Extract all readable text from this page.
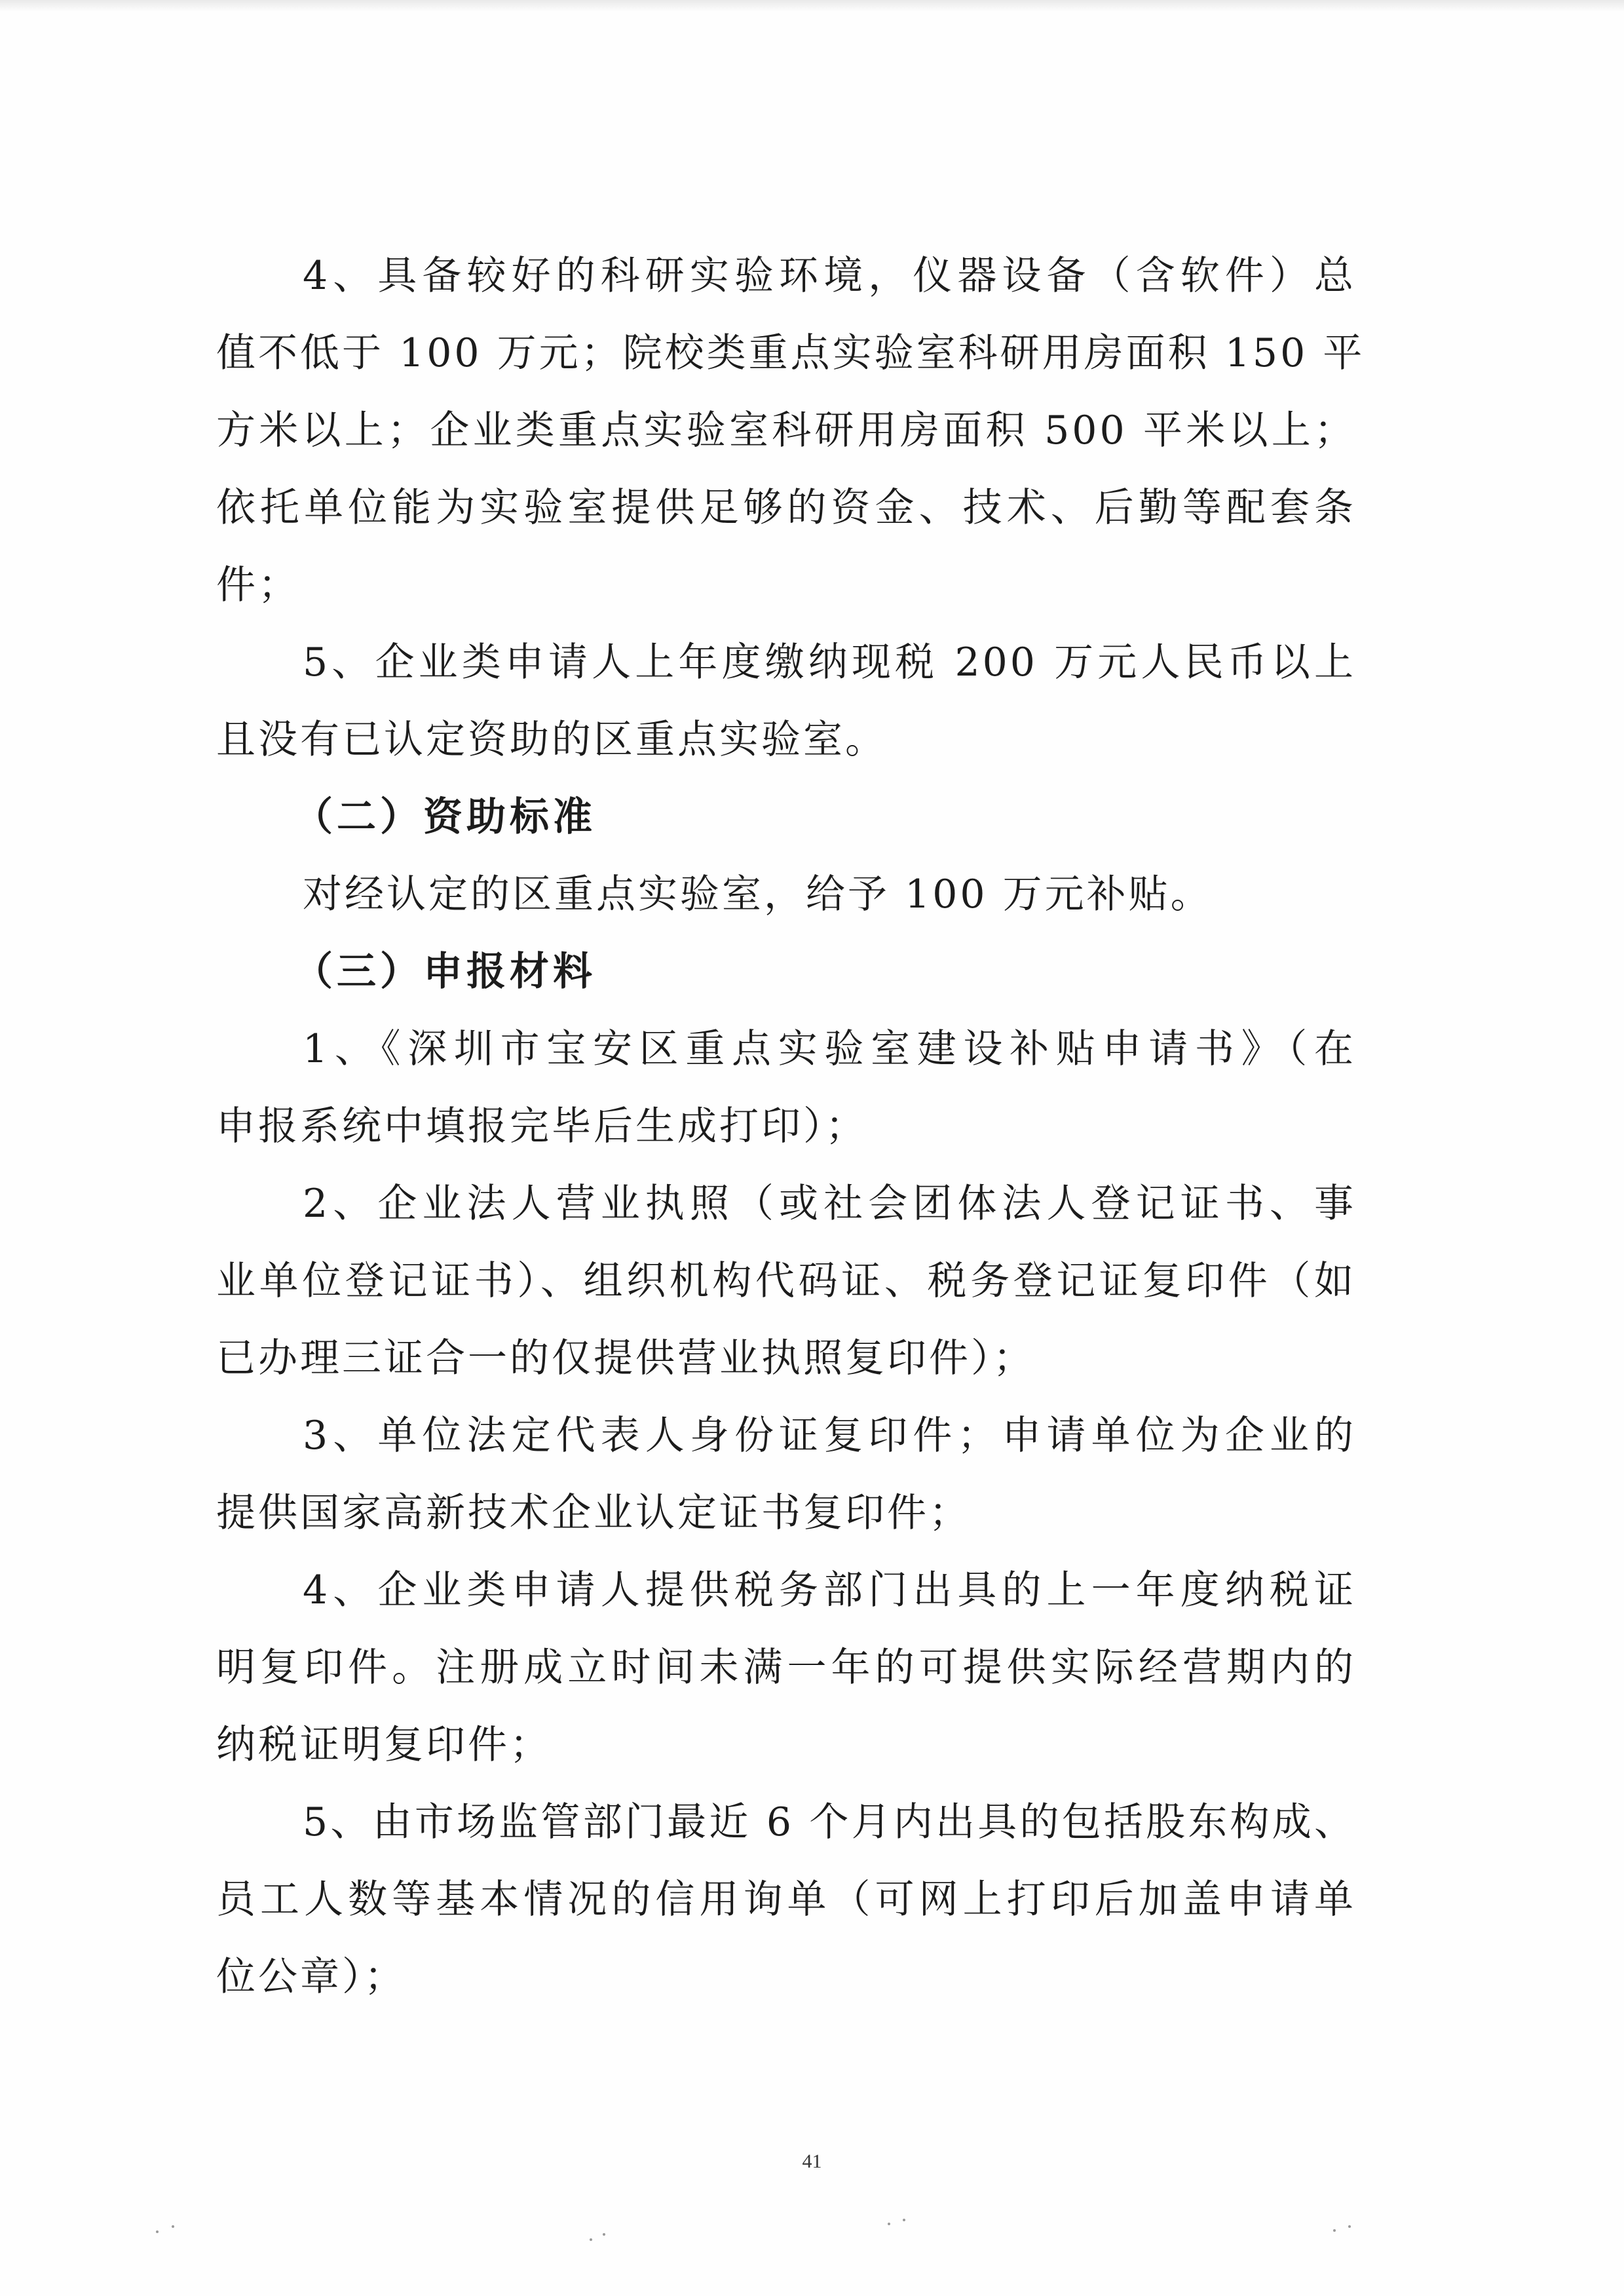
4、具备较好的科研实验环境，仪器设备（含软件）总
值不低于 100 万元；院校类重点实验室科研用房面积 150 平
方米以上；企业类重点实验室科研用房面积 500 平米以上；
依托单位能为实验室提供足够的资金、技术、后勤等配套条
件；
5、企业类申请人上年度缴纳现税 200 万元人民币以上
且没有已认定资助的区重点实验室。
（二）资助标准
对经认定的区重点实验室，给予 100 万元补贴。
（三）申报材料
1、《深圳市宝安区重点实验室建设补贴申请书》（在
申报系统中填报完毕后生成打印）；
2、企业法人营业执照（或社会团体法人登记证书、事
业单位登记证书）、组织机构代码证、税务登记证复印件（如
已办理三证合一的仅提供营业执照复印件）；
3、单位法定代表人身份证复印件；申请单位为企业的
提供国家高新技术企业认定证书复印件；
4、企业类申请人提供税务部门出具的上一年度纳税证
明复印件。注册成立时间未满一年的可提供实际经营期内的
纳税证明复印件；
5、由市场监管部门最近 6 个月内出具的包括股东构成、
员工人数等基本情况的信用询单（可网上打印后加盖申请单
位公章）；
41
